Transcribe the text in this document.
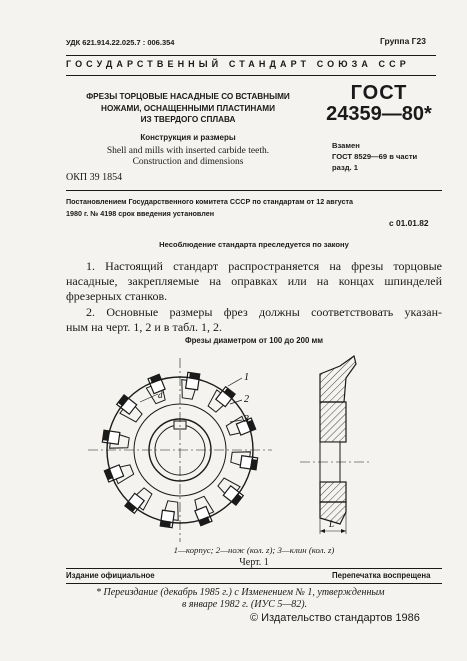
УДК 621.914.22.025.7 : 006.354	Группа Г23
ГОСУДАРСТВЕННЫЙ СТАНДАРТ СОЮЗА ССР
ФРЕЗЫ ТОРЦОВЫЕ НАСАДНЫЕ СО ВСТАВНЫМИ
НОЖАМИ, ОСНАЩЕННЫМИ ПЛАСТИНАМИ
ИЗ ТВЕРДОГО СПЛАВА
Конструкция и размеры
Shell and mills with inserted carbide teeth.
Construction and dimensions
ОКП 39 1854
ГОСТ
24359—80*
Взамен
ГОСТ 8529—69 в части
разд. 1
Постановлением Государственного комитета СССР по стандартам от 12 августа
1980 г. № 4198 срок введения установлен
с 01.01.82
Несоблюдение стандарта преследуется по закону
1. Настоящий стандарт распространяется на фрезы торцовые
насадные, закрепляемые на оправках или на концах шпинделей
фрезерных станков.
2. Основные размеры фрез должны соответствовать указан-
ным на черт. 1, 2 и в табл. 1, 2.
Фрезы диаметром от 100 до 200 мм
1
2
3
d
L
1—корпус; 2—нож (кол. z); 3—клин (кол. z)
Черт. 1
Издание официальное	Перепечатка воспрещена
* Переиздание (декабрь 1985 г.) с Изменением № 1, утвержденным
в январе 1982 г. (ИУС 5—82).
© Издательство стандартов 1986
